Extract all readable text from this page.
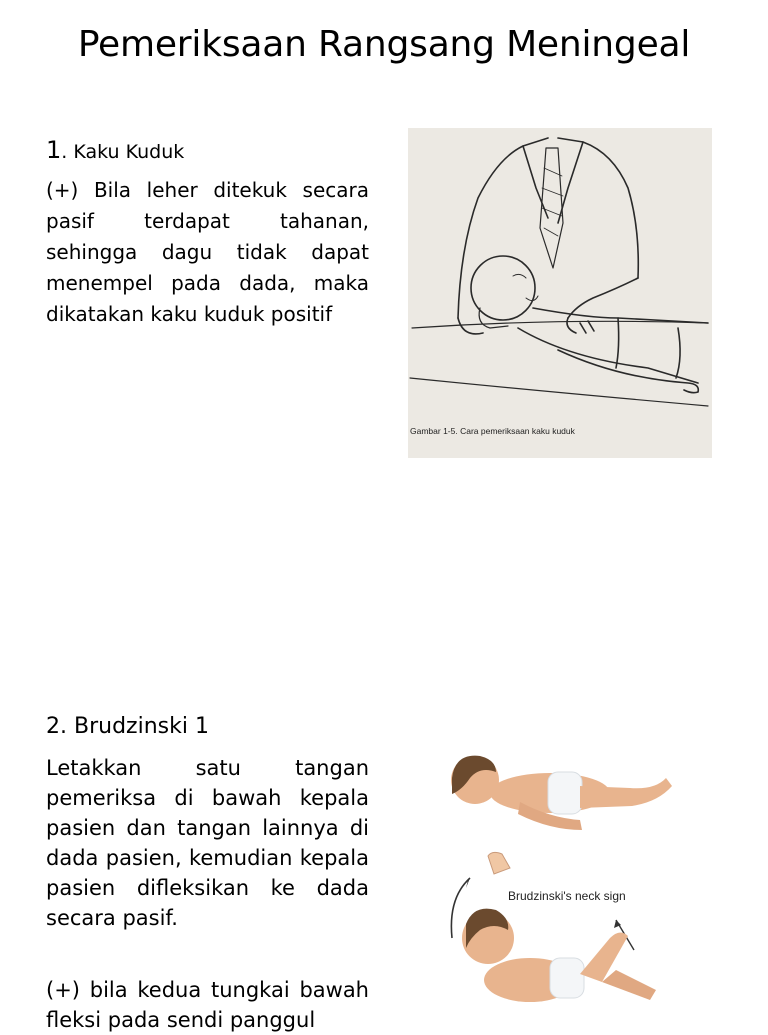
Pemeriksaan Rangsang Meningeal

1. Kaku Kuduk

(+) Bila leher ditekuk secara pasif terdapat tahanan, sehingga dagu tidak dapat menempel pada dada, maka dikatakan kaku kuduk positif

Gambar 1-5. Cara pemeriksaan kaku kuduk

2. Brudzinski 1

Letakkan satu tangan pemeriksa di bawah kepala pasien dan tangan lainnya di dada pasien, kemudian kepala pasien difleksikan ke dada secara pasif.

(+) bila kedua tungkai bawah fleksi pada sendi panggul

Brudzinski's neck sign
